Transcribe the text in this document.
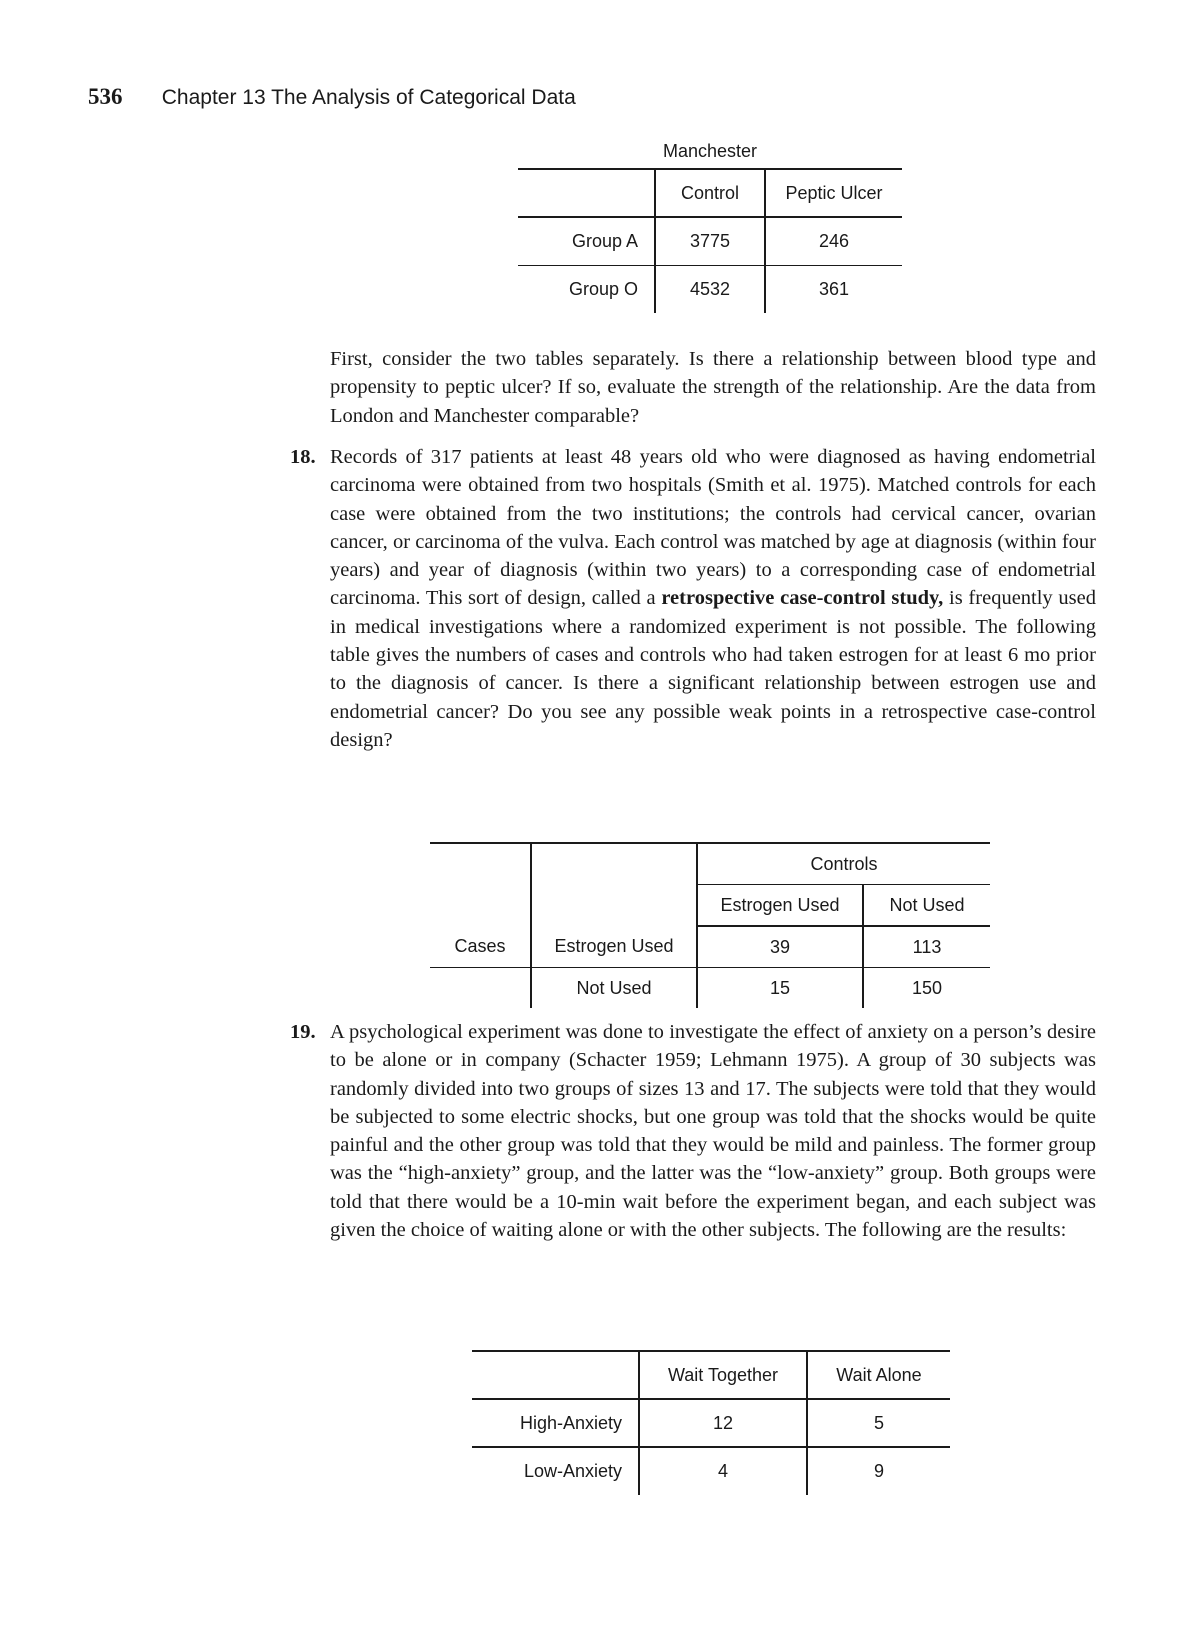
536 Chapter 13 The Analysis of Categorical Data
Manchester
	Control	Peptic Ulcer
Group A	3775	246
Group O	4532	361
First, consider the two tables separately. Is there a relationship between blood type and propensity to peptic ulcer? If so, evaluate the strength of the relationship. Are the data from London and Manchester comparable?
18. Records of 317 patients at least 48 years old who were diagnosed as having endometrial carcinoma were obtained from two hospitals (Smith et al. 1975). Matched controls for each case were obtained from the two institutions; the controls had cervical cancer, ovarian cancer, or carcinoma of the vulva. Each control was matched by age at diagnosis (within four years) and year of diagnosis (within two years) to a corresponding case of endometrial carcinoma. This sort of design, called a retrospective case-control study, is frequently used in medical investigations where a randomized experiment is not possible. The following table gives the numbers of cases and controls who had taken estrogen for at least 6 mo prior to the diagnosis of cancer. Is there a significant relationship between estrogen use and endometrial cancer? Do you see any possible weak points in a retrospective case-control design?
		Controls	
		Estrogen Used	Not Used
Cases	Estrogen Used	39	113
	Not Used	15	150
19. A psychological experiment was done to investigate the effect of anxiety on a person’s desire to be alone or in company (Schacter 1959; Lehmann 1975). A group of 30 subjects was randomly divided into two groups of sizes 13 and 17. The subjects were told that they would be subjected to some electric shocks, but one group was told that the shocks would be quite painful and the other group was told that they would be mild and painless. The former group was the “high-anxiety” group, and the latter was the “low-anxiety” group. Both groups were told that there would be a 10-min wait before the experiment began, and each subject was given the choice of waiting alone or with the other subjects. The following are the results:
	Wait Together	Wait Alone
High-Anxiety	12	5
Low-Anxiety	4	9
